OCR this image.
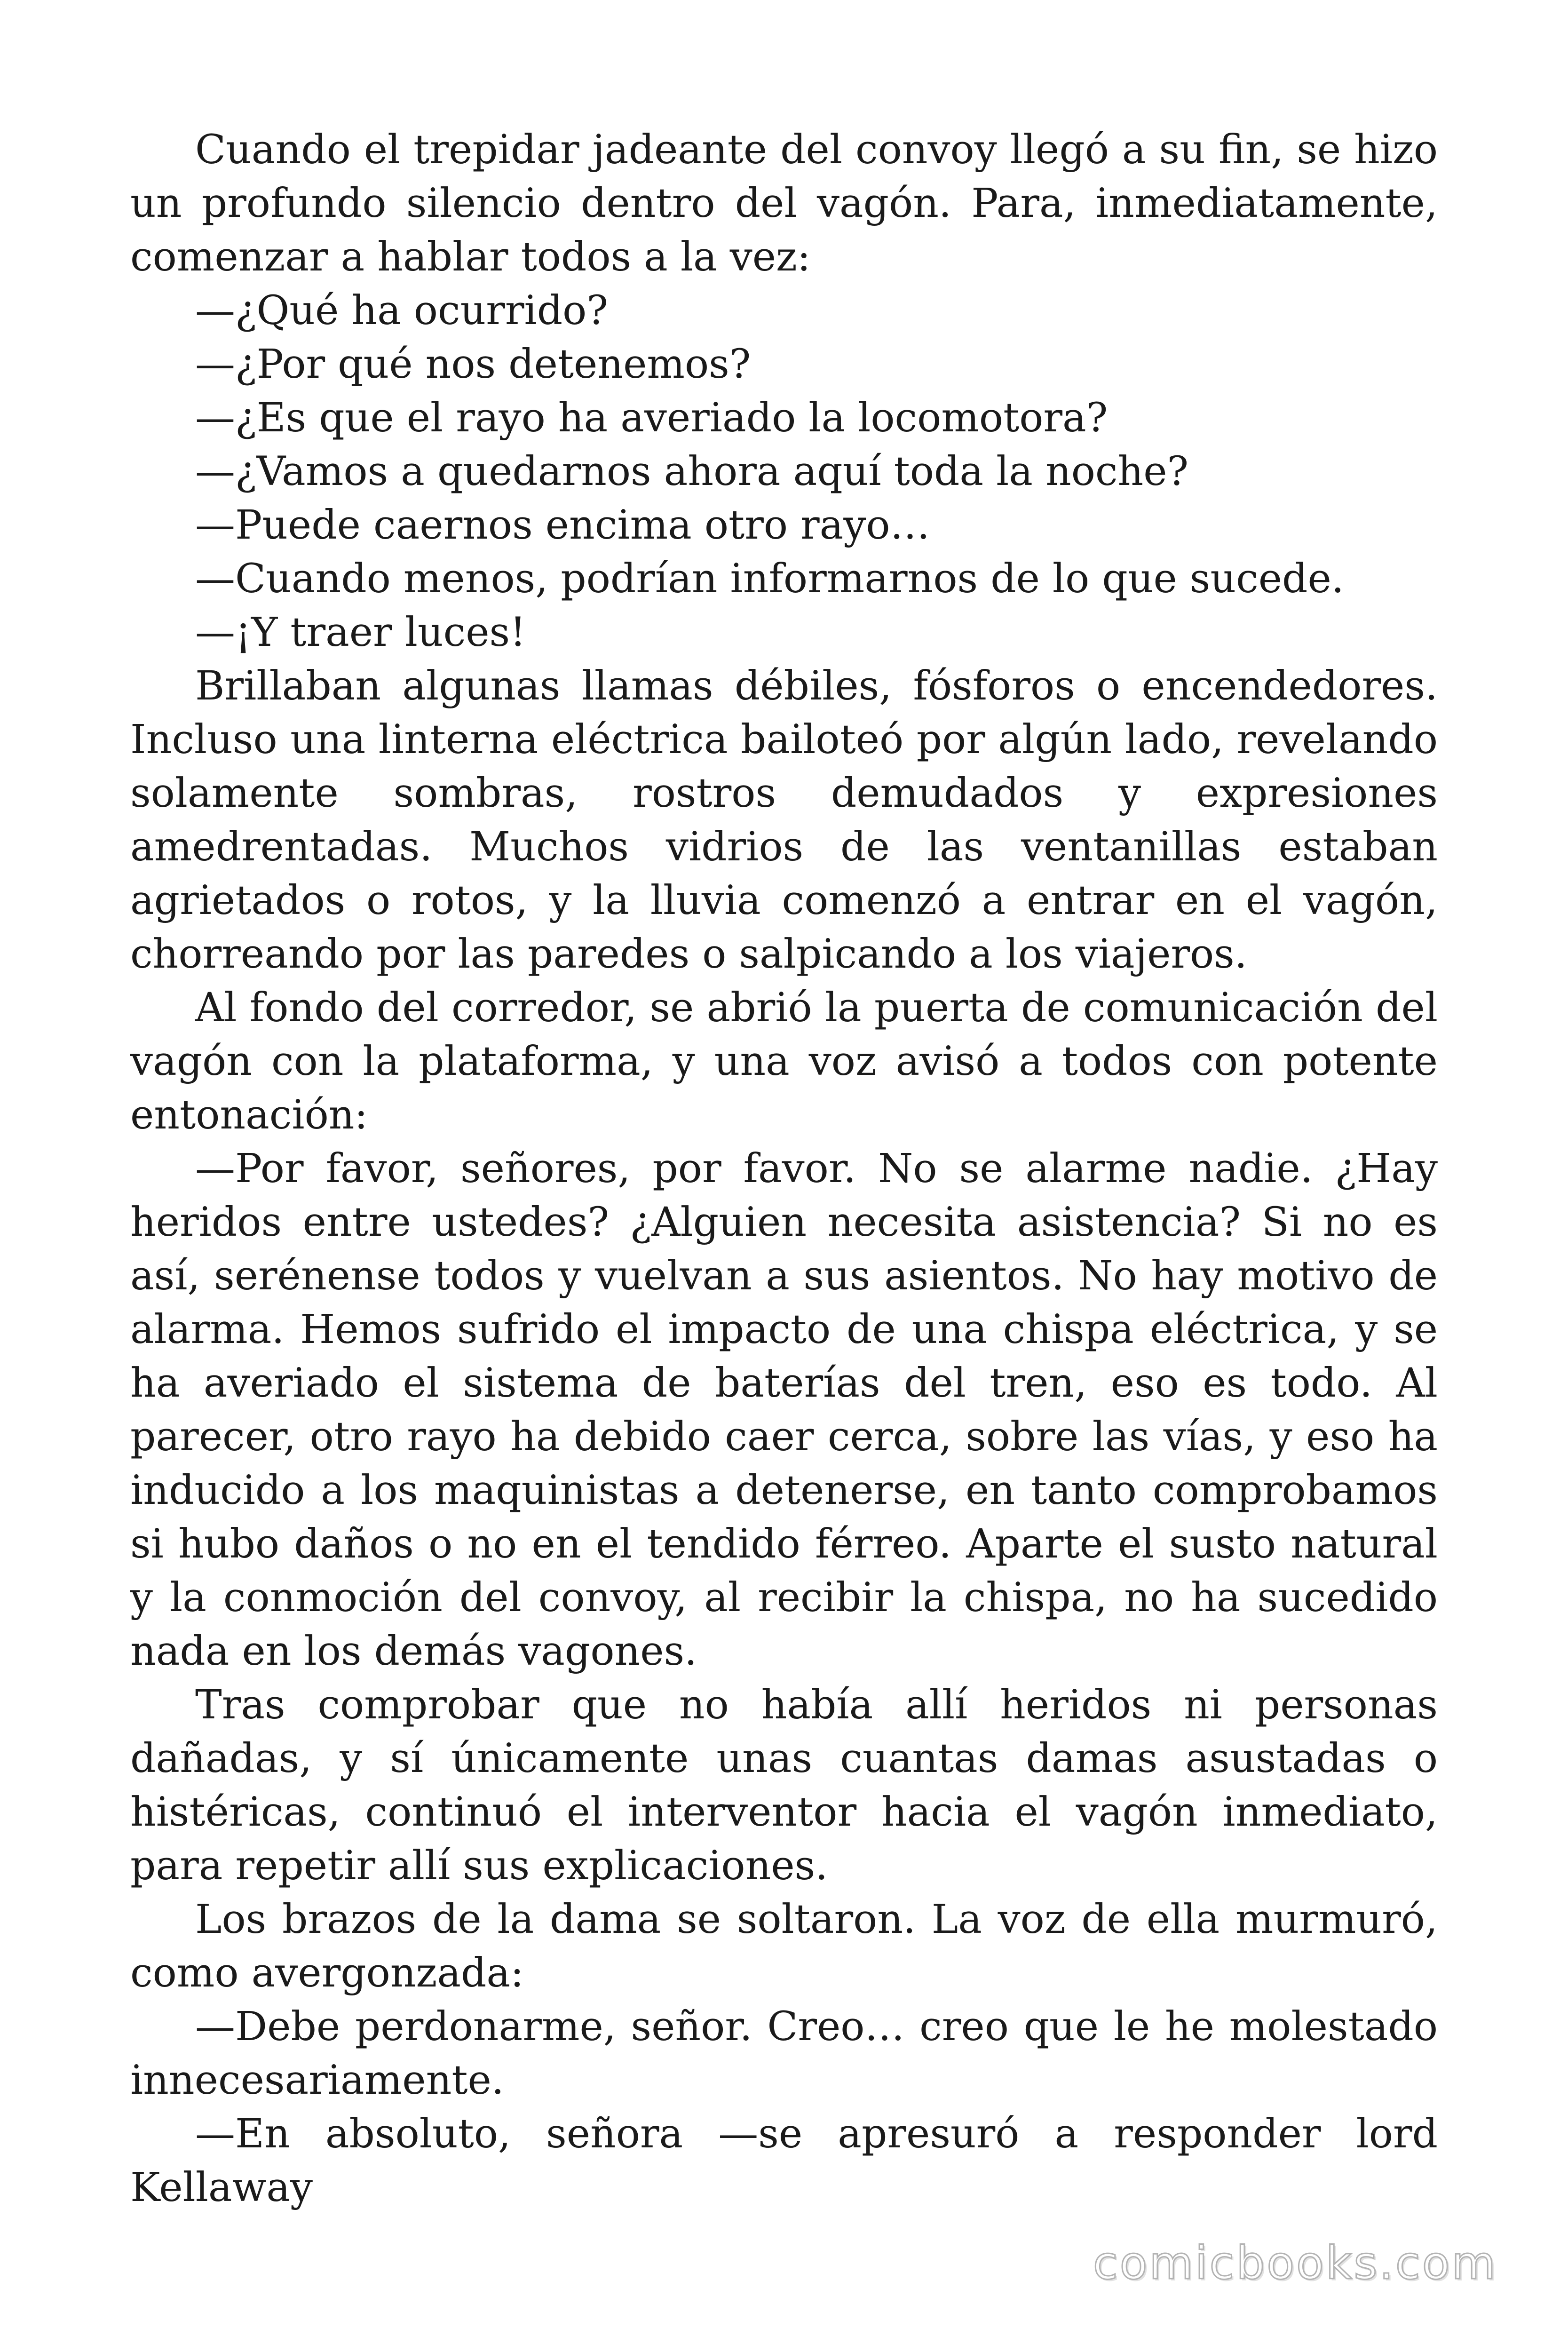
Cuando el trepidar jadeante del convoy llegó a su fin, se hizo un profundo silencio dentro del vagón. Para, inmediatamente, comenzar a hablar todos a la vez:

—¿Qué ha ocurrido?

—¿Por qué nos detenemos?

—¿Es que el rayo ha averiado la locomotora?

—¿Vamos a quedarnos ahora aquí toda la noche?

—Puede caernos encima otro rayo…

—Cuando menos, podrían informarnos de lo que sucede.

—¡Y traer luces!

Brillaban algunas llamas débiles, fósforos o encendedores. Incluso una linterna eléctrica bailoteó por algún lado, revelando solamente sombras, rostros demudados y expresiones amedrentadas. Muchos vidrios de las ventanillas estaban agrietados o rotos, y la lluvia comenzó a entrar en el vagón, chorreando por las paredes o salpicando a los viajeros.

Al fondo del corredor, se abrió la puerta de comunicación del vagón con la plataforma, y una voz avisó a todos con potente entonación:

—Por favor, señores, por favor. No se alarme nadie. ¿Hay heridos entre ustedes? ¿Alguien necesita asistencia? Si no es así, serénense todos y vuelvan a sus asientos. No hay motivo de alarma. Hemos sufrido el impacto de una chispa eléctrica, y se ha averiado el sistema de baterías del tren, eso es todo. Al parecer, otro rayo ha debido caer cerca, sobre las vías, y eso ha inducido a los maquinistas a detenerse, en tanto comprobamos si hubo daños o no en el tendido férreo. Aparte el susto natural y la conmoción del convoy, al recibir la chispa, no ha sucedido nada en los demás vagones.

Tras comprobar que no había allí heridos ni personas dañadas, y sí únicamente unas cuantas damas asustadas o histéricas, continuó el interventor hacia el vagón inmediato, para repetir allí sus explicaciones.

Los brazos de la dama se soltaron. La voz de ella murmuró, como avergonzada:

—Debe perdonarme, señor. Creo… creo que le he molestado innecesariamente.

—En absoluto, señora —se apresuró a responder lord Kellaway

comicbooks.com
